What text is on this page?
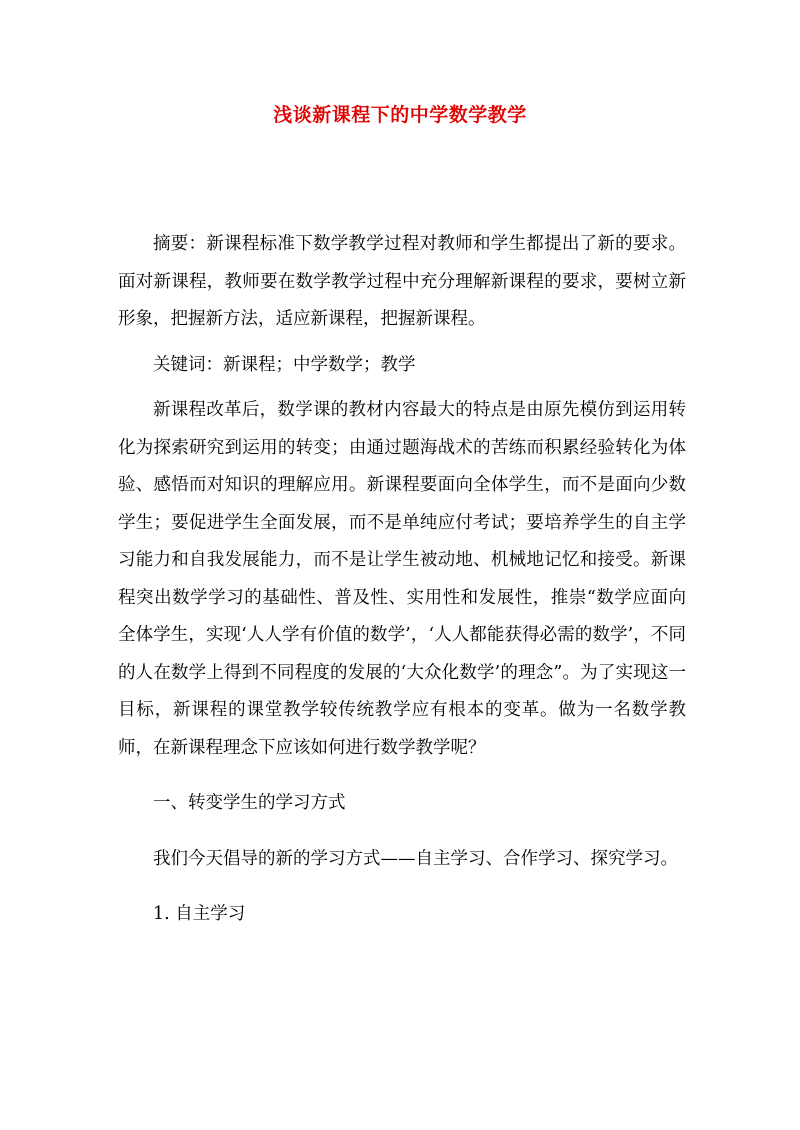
浅谈新课程下的中学数学教学

摘要：新课程标准下数学教学过程对教师和学生都提出了新的要求。面对新课程，教师要在数学教学过程中充分理解新课程的要求，要树立新形象，把握新方法，适应新课程，把握新课程。

关键词：新课程；中学数学；教学

新课程改革后，数学课的教材内容最大的特点是由原先模仿到运用转化为探索研究到运用的转变；由通过题海战术的苦练而积累经验转化为体验、感悟而对知识的理解应用。新课程要面向全体学生，而不是面向少数学生；要促进学生全面发展，而不是单纯应付考试；要培养学生的自主学习能力和自我发展能力，而不是让学生被动地、机械地记忆和接受。新课程突出数学学习的基础性、普及性、实用性和发展性，推崇“数学应面向全体学生，实现‘人人学有价值的数学’，‘人人都能获得必需的数学’，不同的人在数学上得到不同程度的发展的‘大众化数学’的理念”。为了实现这一目标，新课程的课堂教学较传统教学应有根本的变革。做为一名数学教师，在新课程理念下应该如何进行数学教学呢？

一、转变学生的学习方式

我们今天倡导的新的学习方式——自主学习、合作学习、探究学习。

1. 自主学习
